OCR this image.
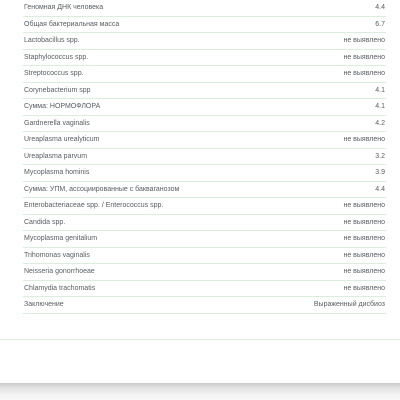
Геномная ДНК человека	4.4
Общая бактериальная масса	6.7
Lactobacillus spp.	не выявлено
Staphylococcus spp.	не выявлено
Streptococcus spp.	не выявлено
Corynebacterium spp	4.1
Сумма: НОРМОФЛОРА	4.1
Gardnerella vaginalis	4.2
Ureaplasma urealyticum	не выявлено
Ureaplasma parvum	3.2
Mycoplasma hominis	3.9
Сумма: УПМ, ассоциированные с бакваганозом	4.4
Enterobacteriaceae spp. / Enterococcus spp.	не выявлено
Candida spp.	не выявлено
Mycoplasma genitalium	не выявлено
Trihomonas vaginalis	не выявлено
Neisseria gonorrhoeae	не выявлено
Chlamydia trachomatis	не выявлено
Заключение	Выраженный дисбиоз
